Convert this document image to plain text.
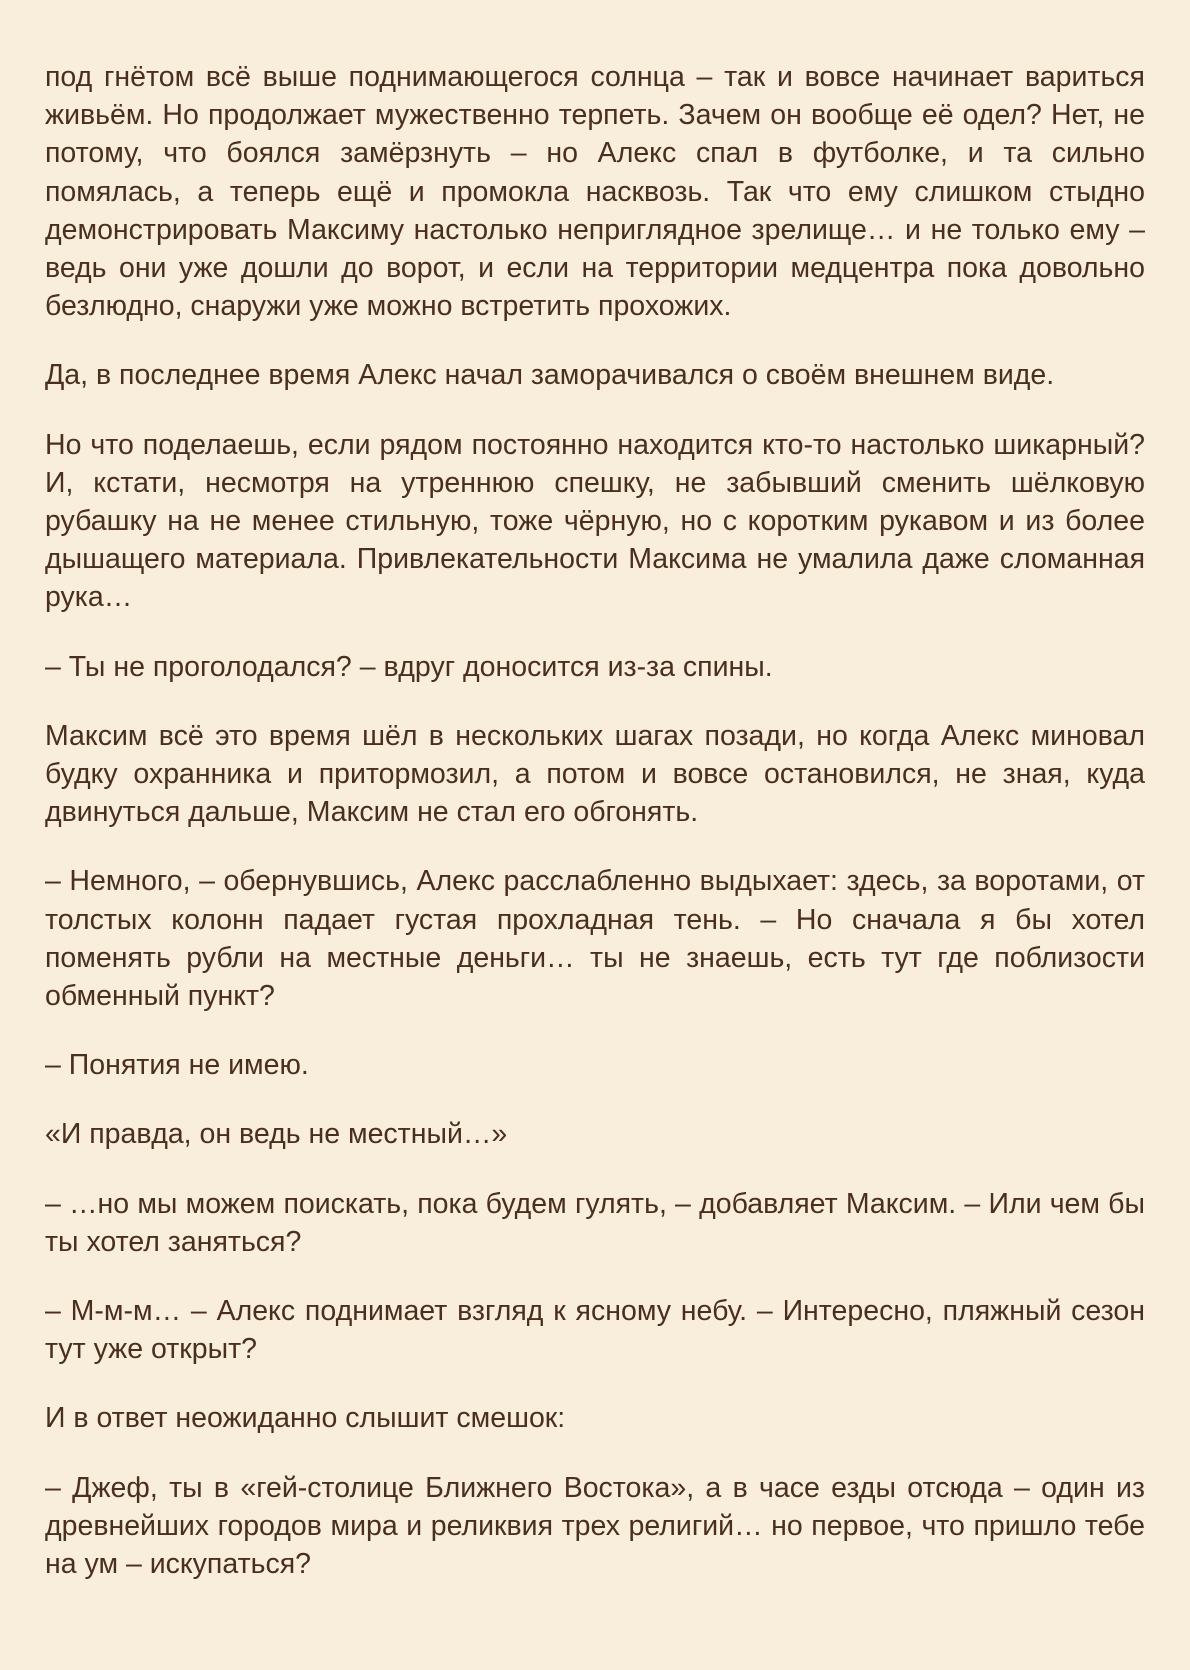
под гнётом всё выше поднимающегося солнца – так и вовсе начинает вариться живьём. Но продолжает мужественно терпеть. Зачем он вообще её одел? Нет, не потому, что боялся замёрзнуть – но Алекс спал в футболке, и та сильно помялась, а теперь ещё и промокла насквозь. Так что ему слишком стыдно демонстрировать Максиму настолько неприглядное зрелище… и не только ему – ведь они уже дошли до ворот, и если на территории медцентра пока довольно безлюдно, снаружи уже можно встретить прохожих.

Да, в последнее время Алекс начал заморачивался о своём внешнем виде.

Но что поделаешь, если рядом постоянно находится кто-то настолько шикарный? И, кстати, несмотря на утреннюю спешку, не забывший сменить шёлковую рубашку на не менее стильную, тоже чёрную, но с коротким рукавом и из более дышащего материала. Привлекательности Максима не умалила даже сломанная рука…

– Ты не проголодался? – вдруг доносится из-за спины.

Максим всё это время шёл в нескольких шагах позади, но когда Алекс миновал будку охранника и притормозил, а потом и вовсе остановился, не зная, куда двинуться дальше, Максим не стал его обгонять.

– Немного, – обернувшись, Алекс расслабленно выдыхает: здесь, за воротами, от толстых колонн падает густая прохладная тень. – Но сначала я бы хотел поменять рубли на местные деньги… ты не знаешь, есть тут где поблизости обменный пункт?

– Понятия не имею.

«И правда, он ведь не местный…»

– …но мы можем поискать, пока будем гулять, – добавляет Максим. – Или чем бы ты хотел заняться?

– М-м-м… – Алекс поднимает взгляд к ясному небу. – Интересно, пляжный сезон тут уже открыт?

И в ответ неожиданно слышит смешок:

– Джеф, ты в «гей-столице Ближнего Востока», а в часе езды отсюда – один из древнейших городов мира и реликвия трех религий… но первое, что пришло тебе на ум – искупаться?
